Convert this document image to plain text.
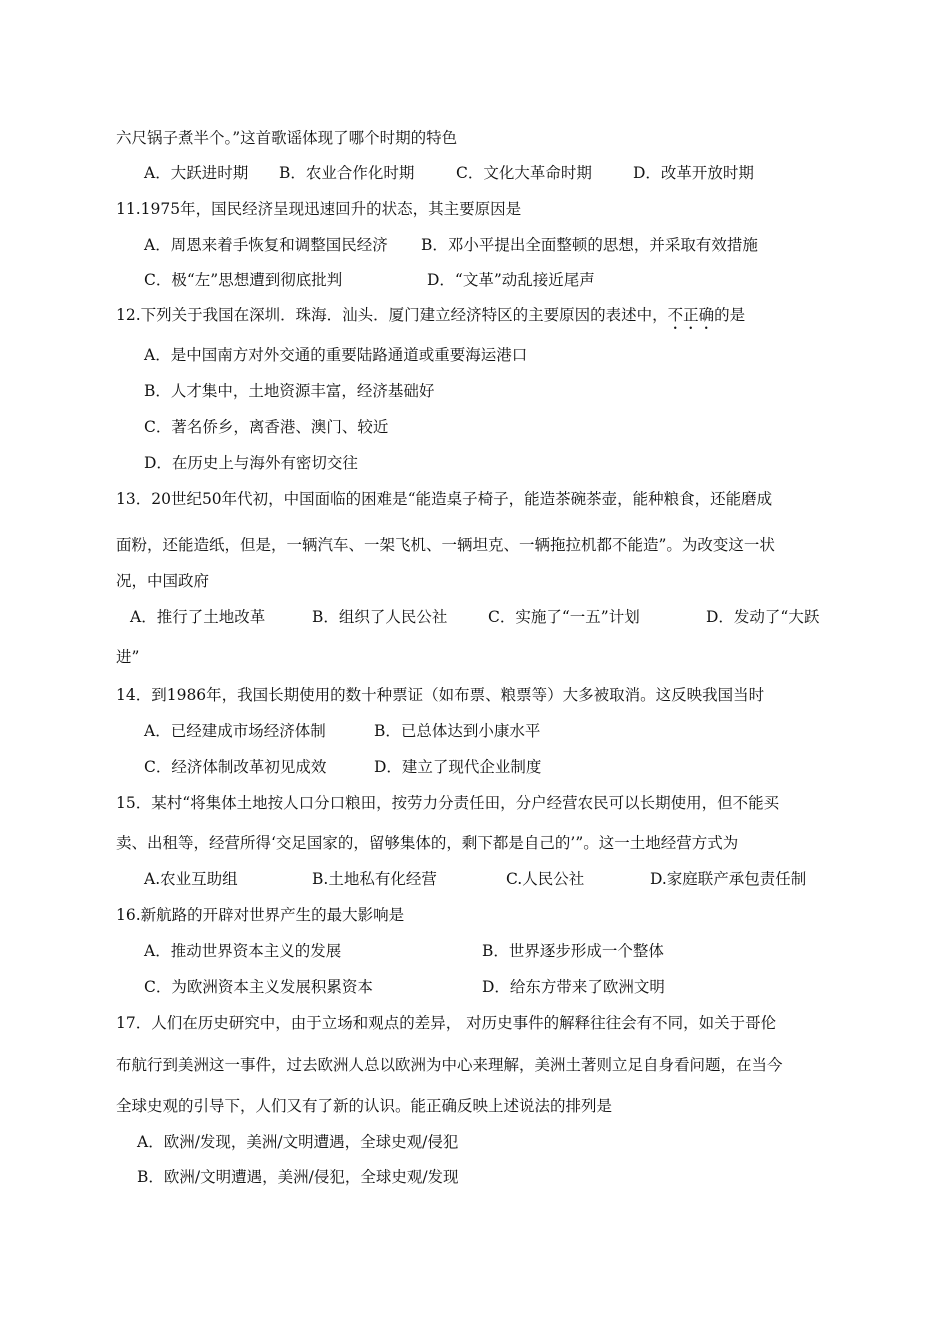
六尺锅子煮半个。”这首歌谣体现了哪个时期的特色
A．大跃进时期 B．农业合作化时期	C．文化大革命时期	D．改革开放时期
11.1975年，国民经济呈现迅速回升的状态，其主要原因是
A．周恩来着手恢复和调整国民经济 B．邓小平提出全面整顿的思想，并采取有效措施
C．极“左”思想遭到彻底批判	D．“文革”动乱接近尾声
12.下列关于我国在深圳．珠海．汕头．厦门建立经济特区的主要原因的表述中，不正确的是
A．是中国南方对外交通的重要陆路通道或重要海运港口
B．人才集中，土地资源丰富，经济基础好
C．著名侨乡，离香港、澳门、较近
D．在历史上与海外有密切交往
13．20世纪50年代初，中国面临的困难是“能造桌子椅子，能造茶碗茶壶，能种粮食，还能磨成
面粉，还能造纸，但是，一辆汽车、一架飞机、一辆坦克、一辆拖拉机都不能造”。为改变这一状
况，中国政府
A．推行了土地改革	B．组织了人民公社	C．实施了“一五”计划	D．发动了“大跃
进”
14．到1986年，我国长期使用的数十种票证（如布票、粮票等）大多被取消。这反映我国当时
A．已经建成市场经济体制	B．已总体达到小康水平
C．经济体制改革初见成效	D．建立了现代企业制度
15．某村“将集体土地按人口分口粮田，按劳力分责任田，分户经营农民可以长期使用，但不能买
卖、出租等，经营所得‘交足国家的，留够集体的，剩下都是自己的’”。这一土地经营方式为
A.农业互助组	B.土地私有化经营	C.人民公社	D.家庭联产承包责任制
16.新航路的开辟对世界产生的最大影响是
A．推动世界资本主义的发展	B．世界逐步形成一个整体
C．为欧洲资本主义发展积累资本	D．给东方带来了欧洲文明
17．人们在历史研究中，由于立场和观点的差异， 对历史事件的解释往往会有不同，如关于哥伦
布航行到美洲这一事件，过去欧洲人总以欧洲为中心来理解，美洲土著则立足自身看问题，在当今
全球史观的引导下，人们又有了新的认识。能正确反映上述说法的排列是
A．欧洲/发现，美洲/文明遭遇，全球史观/侵犯
B．欧洲/文明遭遇，美洲/侵犯，全球史观/发现
